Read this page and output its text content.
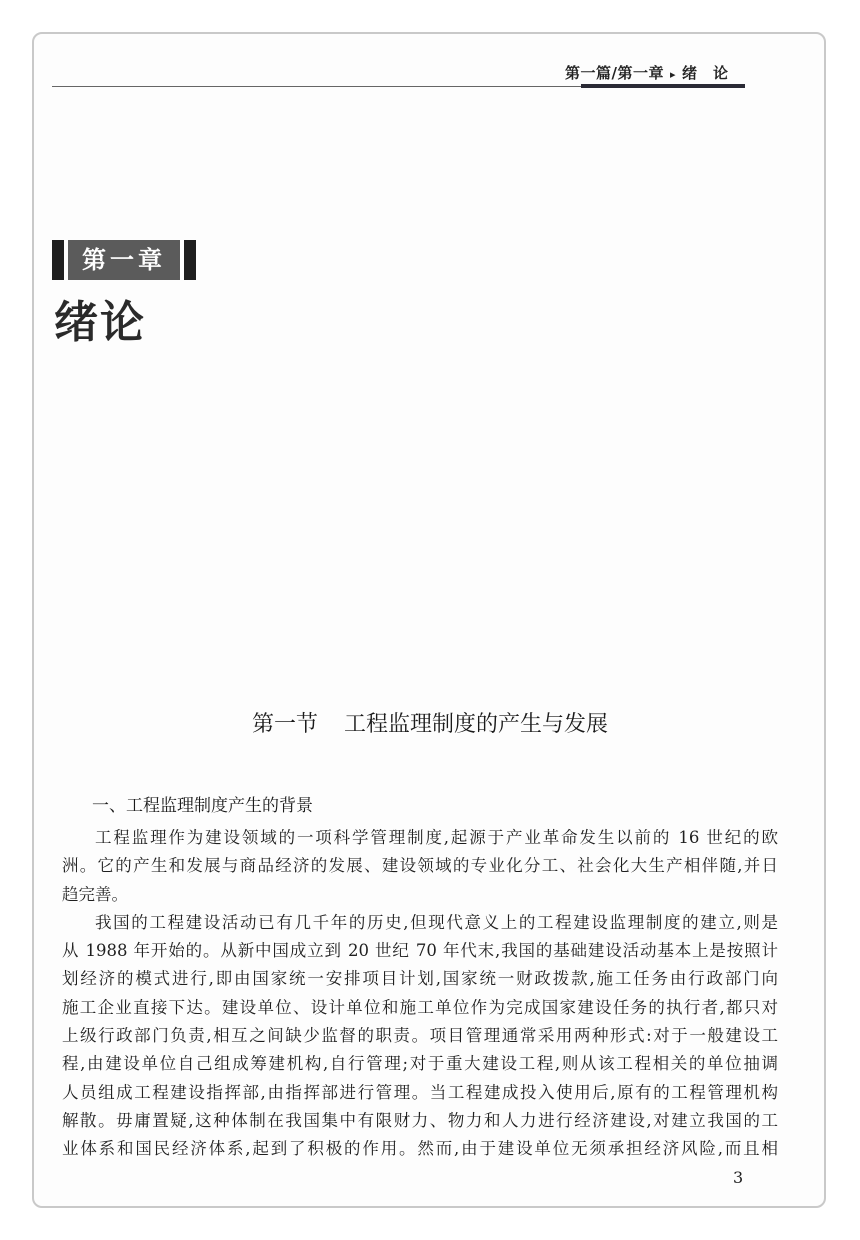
第一篇/第一章 ▸ 绪论
第一章
绪论
第一节 工程监理制度的产生与发展
一、工程监理制度产生的背景
工程监理作为建设领域的一项科学管理制度,起源于产业革命发生以前的 16 世纪的欧
洲。它的产生和发展与商品经济的发展、建设领域的专业化分工、社会化大生产相伴随,并日
趋完善。
我国的工程建设活动已有几千年的历史,但现代意义上的工程建设监理制度的建立,则是
从 1988 年开始的。从新中国成立到 20 世纪 70 年代末,我国的基础建设活动基本上是按照计
划经济的模式进行,即由国家统一安排项目计划,国家统一财政拨款,施工任务由行政部门向
施工企业直接下达。建设单位、设计单位和施工单位作为完成国家建设任务的执行者,都只对
上级行政部门负责,相互之间缺少监督的职责。项目管理通常采用两种形式:对于一般建设工
程,由建设单位自己组成筹建机构,自行管理;对于重大建设工程,则从该工程相关的单位抽调
人员组成工程建设指挥部,由指挥部进行管理。当工程建成投入使用后,原有的工程管理机构
解散。毋庸置疑,这种体制在我国集中有限财力、物力和人力进行经济建设,对建立我国的工
业体系和国民经济体系,起到了积极的作用。然而,由于建设单位无须承担经济风险,而且相
3
